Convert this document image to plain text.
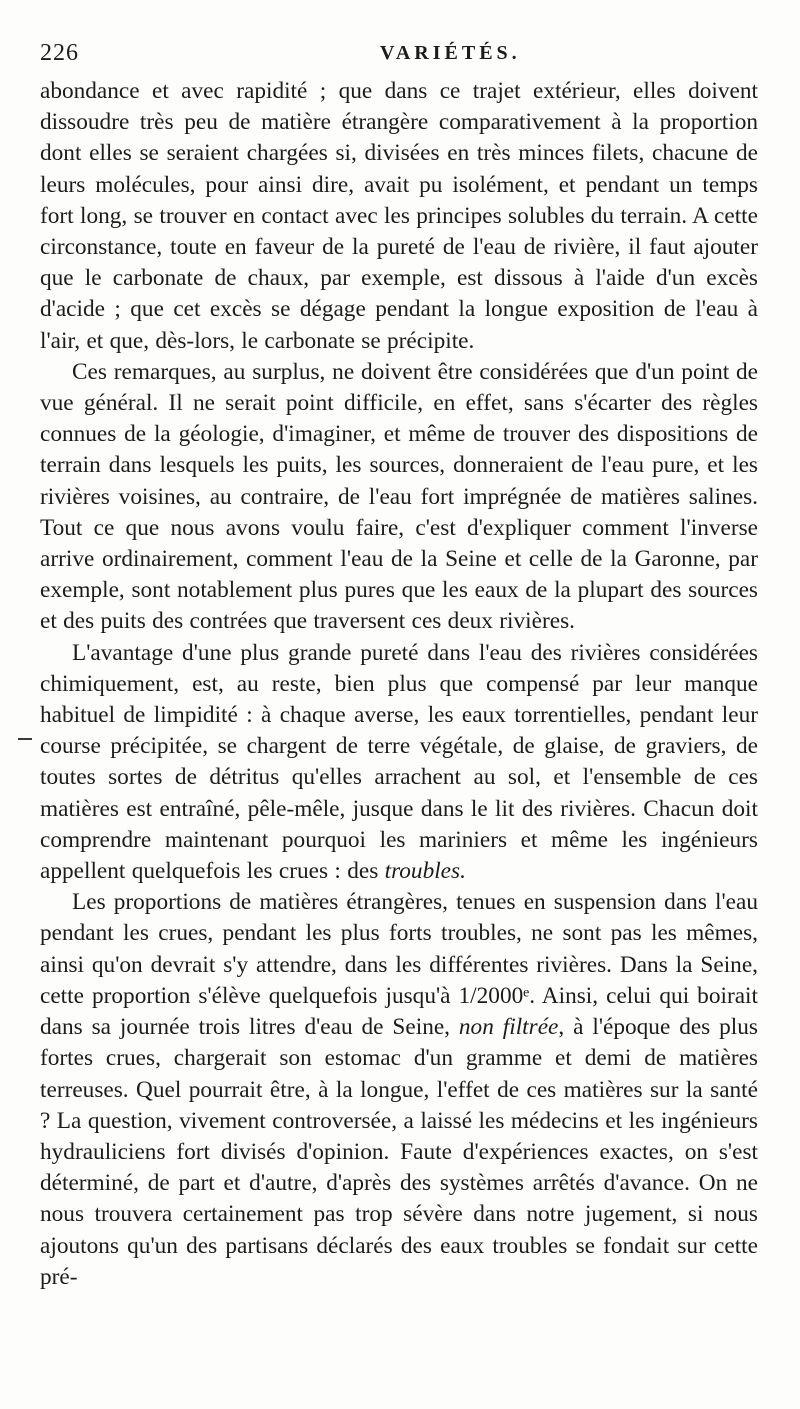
226	VARIÉTÉS.

abondance et avec rapidité ; que dans ce trajet extérieur, elles doivent dissoudre très peu de matière étrangère comparativement à la proportion dont elles se seraient chargées si, divisées en très minces filets, chacune de leurs molécules, pour ainsi dire, avait pu isolément, et pendant un temps fort long, se trouver en contact avec les principes solubles du terrain. A cette circonstance, toute en faveur de la pureté de l'eau de rivière, il faut ajouter que le carbonate de chaux, par exemple, est dissous à l'aide d'un excès d'acide ; que cet excès se dégage pendant la longue exposition de l'eau à l'air, et que, dès-lors, le carbonate se précipite.

Ces remarques, au surplus, ne doivent être considérées que d'un point de vue général. Il ne serait point difficile, en effet, sans s'écarter des règles connues de la géologie, d'imaginer, et même de trouver des dispositions de terrain dans lesquels les puits, les sources, donneraient de l'eau pure, et les rivières voisines, au contraire, de l'eau fort imprégnée de matières salines. Tout ce que nous avons voulu faire, c'est d'expliquer comment l'inverse arrive ordinairement, comment l'eau de la Seine et celle de la Garonne, par exemple, sont notablement plus pures que les eaux de la plupart des sources et des puits des contrées que traversent ces deux rivières.

L'avantage d'une plus grande pureté dans l'eau des rivières considérées chimiquement, est, au reste, bien plus que compensé par leur manque habituel de limpidité : à chaque averse, les eaux torrentielles, pendant leur course précipitée, se chargent de terre végétale, de glaise, de graviers, de toutes sortes de détritus qu'elles arrachent au sol, et l'ensemble de ces matières est entraîné, pêle-mêle, jusque dans le lit des rivières. Chacun doit comprendre maintenant pourquoi les mariniers et même les ingénieurs appellent quelquefois les crues : des troubles.

Les proportions de matières étrangères, tenues en suspension dans l'eau pendant les crues, pendant les plus forts troubles, ne sont pas les mêmes, ainsi qu'on devrait s'y attendre, dans les différentes rivières. Dans la Seine, cette proportion s'élève quelquefois jusqu'à 1/2000ᵉ. Ainsi, celui qui boirait dans sa journée trois litres d'eau de Seine, non filtrée, à l'époque des plus fortes crues, chargerait son estomac d'un gramme et demi de matières terreuses. Quel pourrait être, à la longue, l'effet de ces matières sur la santé ? La question, vivement controversée, a laissé les médecins et les ingénieurs hydrauliciens fort divisés d'opinion. Faute d'expériences exactes, on s'est déterminé, de part et d'autre, d'après des systèmes arrêtés d'avance. On ne nous trouvera certainement pas trop sévère dans notre jugement, si nous ajoutons qu'un des partisans déclarés des eaux troubles se fondait sur cette pré-
